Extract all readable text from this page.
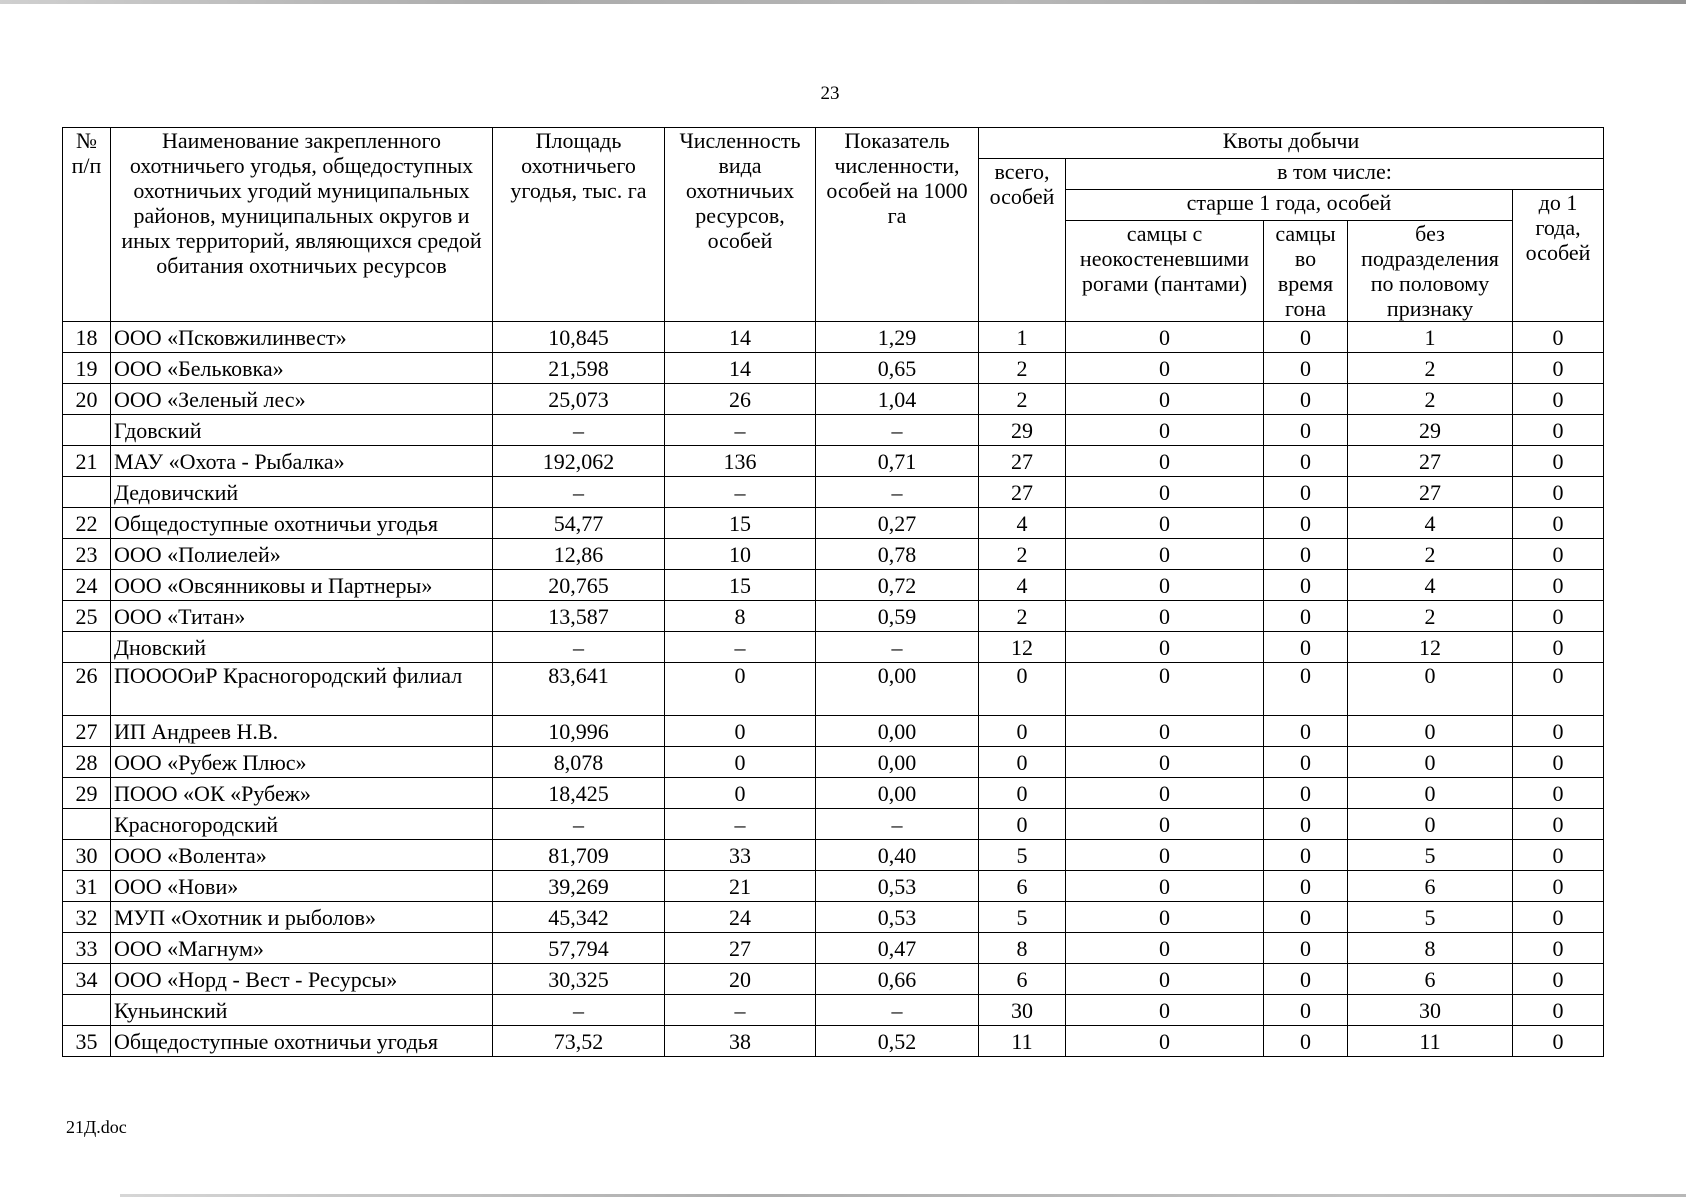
23
№ п/п	Наименование закрепленного охотничьего угодья, общедоступных охотничьих угодий муниципальных районов, муниципальных округов и иных территорий, являющихся средой обитания охотничьих ресурсов	Площадь охотничьего угодья, тыс. га	Численность вида охотничьих ресурсов, особей	Показатель численности, особей на 1000 га	Квоты добычи				
					всего, особей	в том числе:			
						старше 1 года, особей			до 1 года, особей
						самцы с неокостеневшими рогами (пантами)	самцы во время гона	без подразделения по половому признаку	
18	ООО «Псковжилинвест»	10,845	14	1,29	1	0	0	1	0
19	ООО «Бельковка»	21,598	14	0,65	2	0	0	2	0
20	ООО «Зеленый лес»	25,073	26	1,04	2	0	0	2	0
	Гдовский	–	–	–	29	0	0	29	0
21	МАУ «Охота - Рыбалка»	192,062	136	0,71	27	0	0	27	0
	Дедовичский	–	–	–	27	0	0	27	0
22	Общедоступные охотничьи угодья	54,77	15	0,27	4	0	0	4	0
23	ООО «Полиелей»	12,86	10	0,78	2	0	0	2	0
24	ООО «Овсянниковы и Партнеры»	20,765	15	0,72	4	0	0	4	0
25	ООО «Титан»	13,587	8	0,59	2	0	0	2	0
	Дновский	–	–	–	12	0	0	12	0
26	ПООООиР Красногородский филиал	83,641	0	0,00	0	0	0	0	0
27	ИП Андреев Н.В.	10,996	0	0,00	0	0	0	0	0
28	ООО «Рубеж Плюс»	8,078	0	0,00	0	0	0	0	0
29	ПООО «ОК «Рубеж»	18,425	0	0,00	0	0	0	0	0
	Красногородский	–	–	–	0	0	0	0	0
30	ООО «Волента»	81,709	33	0,40	5	0	0	5	0
31	ООО «Нови»	39,269	21	0,53	6	0	0	6	0
32	МУП «Охотник и рыболов»	45,342	24	0,53	5	0	0	5	0
33	ООО «Магнум»	57,794	27	0,47	8	0	0	8	0
34	ООО «Норд - Вест - Ресурсы»	30,325	20	0,66	6	0	0	6	0
	Куньинский	–	–	–	30	0	0	30	0
35	Общедоступные охотничьи угодья	73,52	38	0,52	11	0	0	11	0
21Д.doc
